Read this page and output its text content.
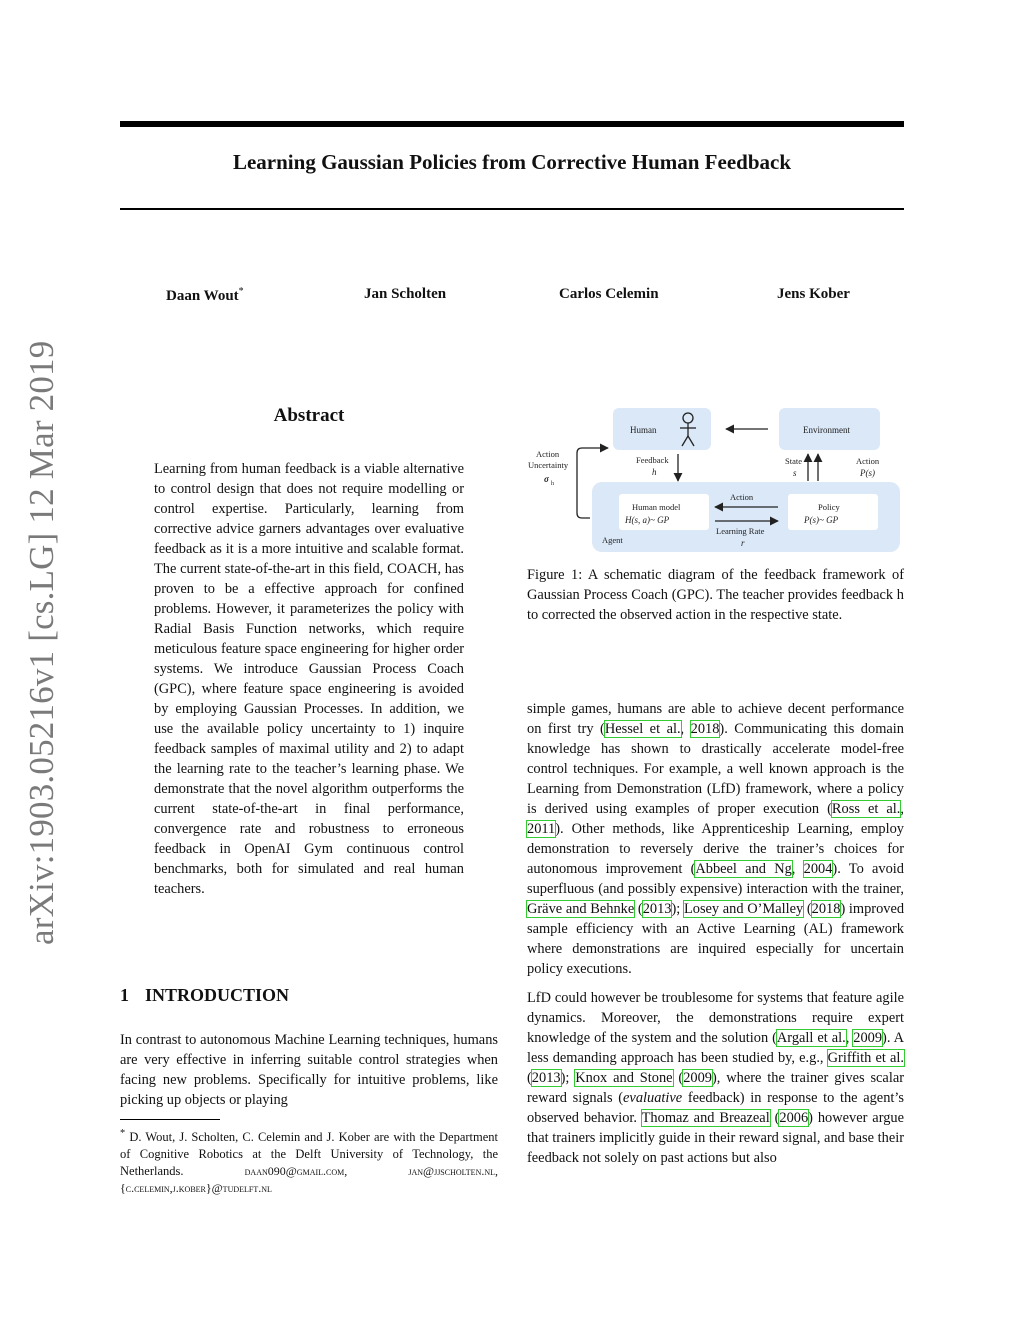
Learning Gaussian Policies from Corrective Human Feedback
Daan Wout*	Jan Scholten	Carlos Celemin	Jens Kober
arXiv:1903.05216v1 [cs.LG] 12 Mar 2019	Abstract
Learning from human feedback is a viable alternative to control design that does not require modelling or control expertise. Particularly, learning from corrective advice garners advantages over evaluative feedback as it is a more intuitive and scalable format. The current state-of-the-art in this field, COACH, has proven to be a effective approach for confined problems. However, it parameterizes the policy with Radial Basis Function networks, which require meticulous feature space engineering for higher order systems. We introduce Gaussian Process Coach (GPC), where feature space engineering is avoided by employing Gaussian Processes. In addition, we use the available policy uncertainty to 1) inquire feedback samples of maximal utility and 2) to adapt the learning rate to the teacher’s learning phase. We demonstrate that the novel algorithm outperforms the current state-of-the-art in final performance, convergence rate and robustness to erroneous feedback in OpenAI Gym continuous control benchmarks, both for simulated and real human teachers.
1 INTRODUCTION
In contrast to autonomous Machine Learning techniques, humans are very effective in inferring suitable control strategies when facing new problems. Specifically for intuitive problems, like picking up objects or playing
* D. Wout, J. Scholten, C. Celemin and J. Kober are with the Department of Cognitive Robotics at the Delft University of Technology, the Netherlands.	daan090@gmail.com,	jan@jjscholten.nl, {c.celemin,j.kober}@tudelft.nl
Human	Environment
Feedback
h
State
s
Action
P(s)
Action
Uncertainty
σ h
Human model
H(s, a)~ GP
Policy
P(s)~ GP
Action
Learning Rate
r
Agent
Figure 1: A schematic diagram of the feedback framework of Gaussian Process Coach (GPC). The teacher provides feedback h to corrected the observed action in the respective state.

simple games, humans are able to achieve decent performance on first try (Hessel et al., 2018). Communicating this domain knowledge has shown to drastically accelerate model-free control techniques. For example, a well known approach is the Learning from Demonstration (LfD) framework, where a policy is derived using examples of proper execution (Ross et al., 2011). Other methods, like Apprenticeship Learning, employ demonstration to reversely derive the trainer’s choices for autonomous improvement (Abbeel and Ng, 2004). To avoid superfluous (and possibly expensive) interaction with the trainer, Gräve and Behnke (2013); Losey and O’Malley (2018) improved sample efficiency with an Active Learning (AL) framework where demonstrations are inquired especially for uncertain policy executions.

LfD could however be troublesome for systems that feature agile dynamics. Moreover, the demonstrations require expert knowledge of the system and the solution (Argall et al., 2009). A less demanding approach has been studied by, e.g., Griffith et al. (2013); Knox and Stone (2009), where the trainer gives scalar reward signals (evaluative feedback) in response to the agent’s observed behavior. Thomaz and Breazeal (2006) however argue that trainers implicitly guide in their reward signal, and base their feedback not solely on past actions but also
